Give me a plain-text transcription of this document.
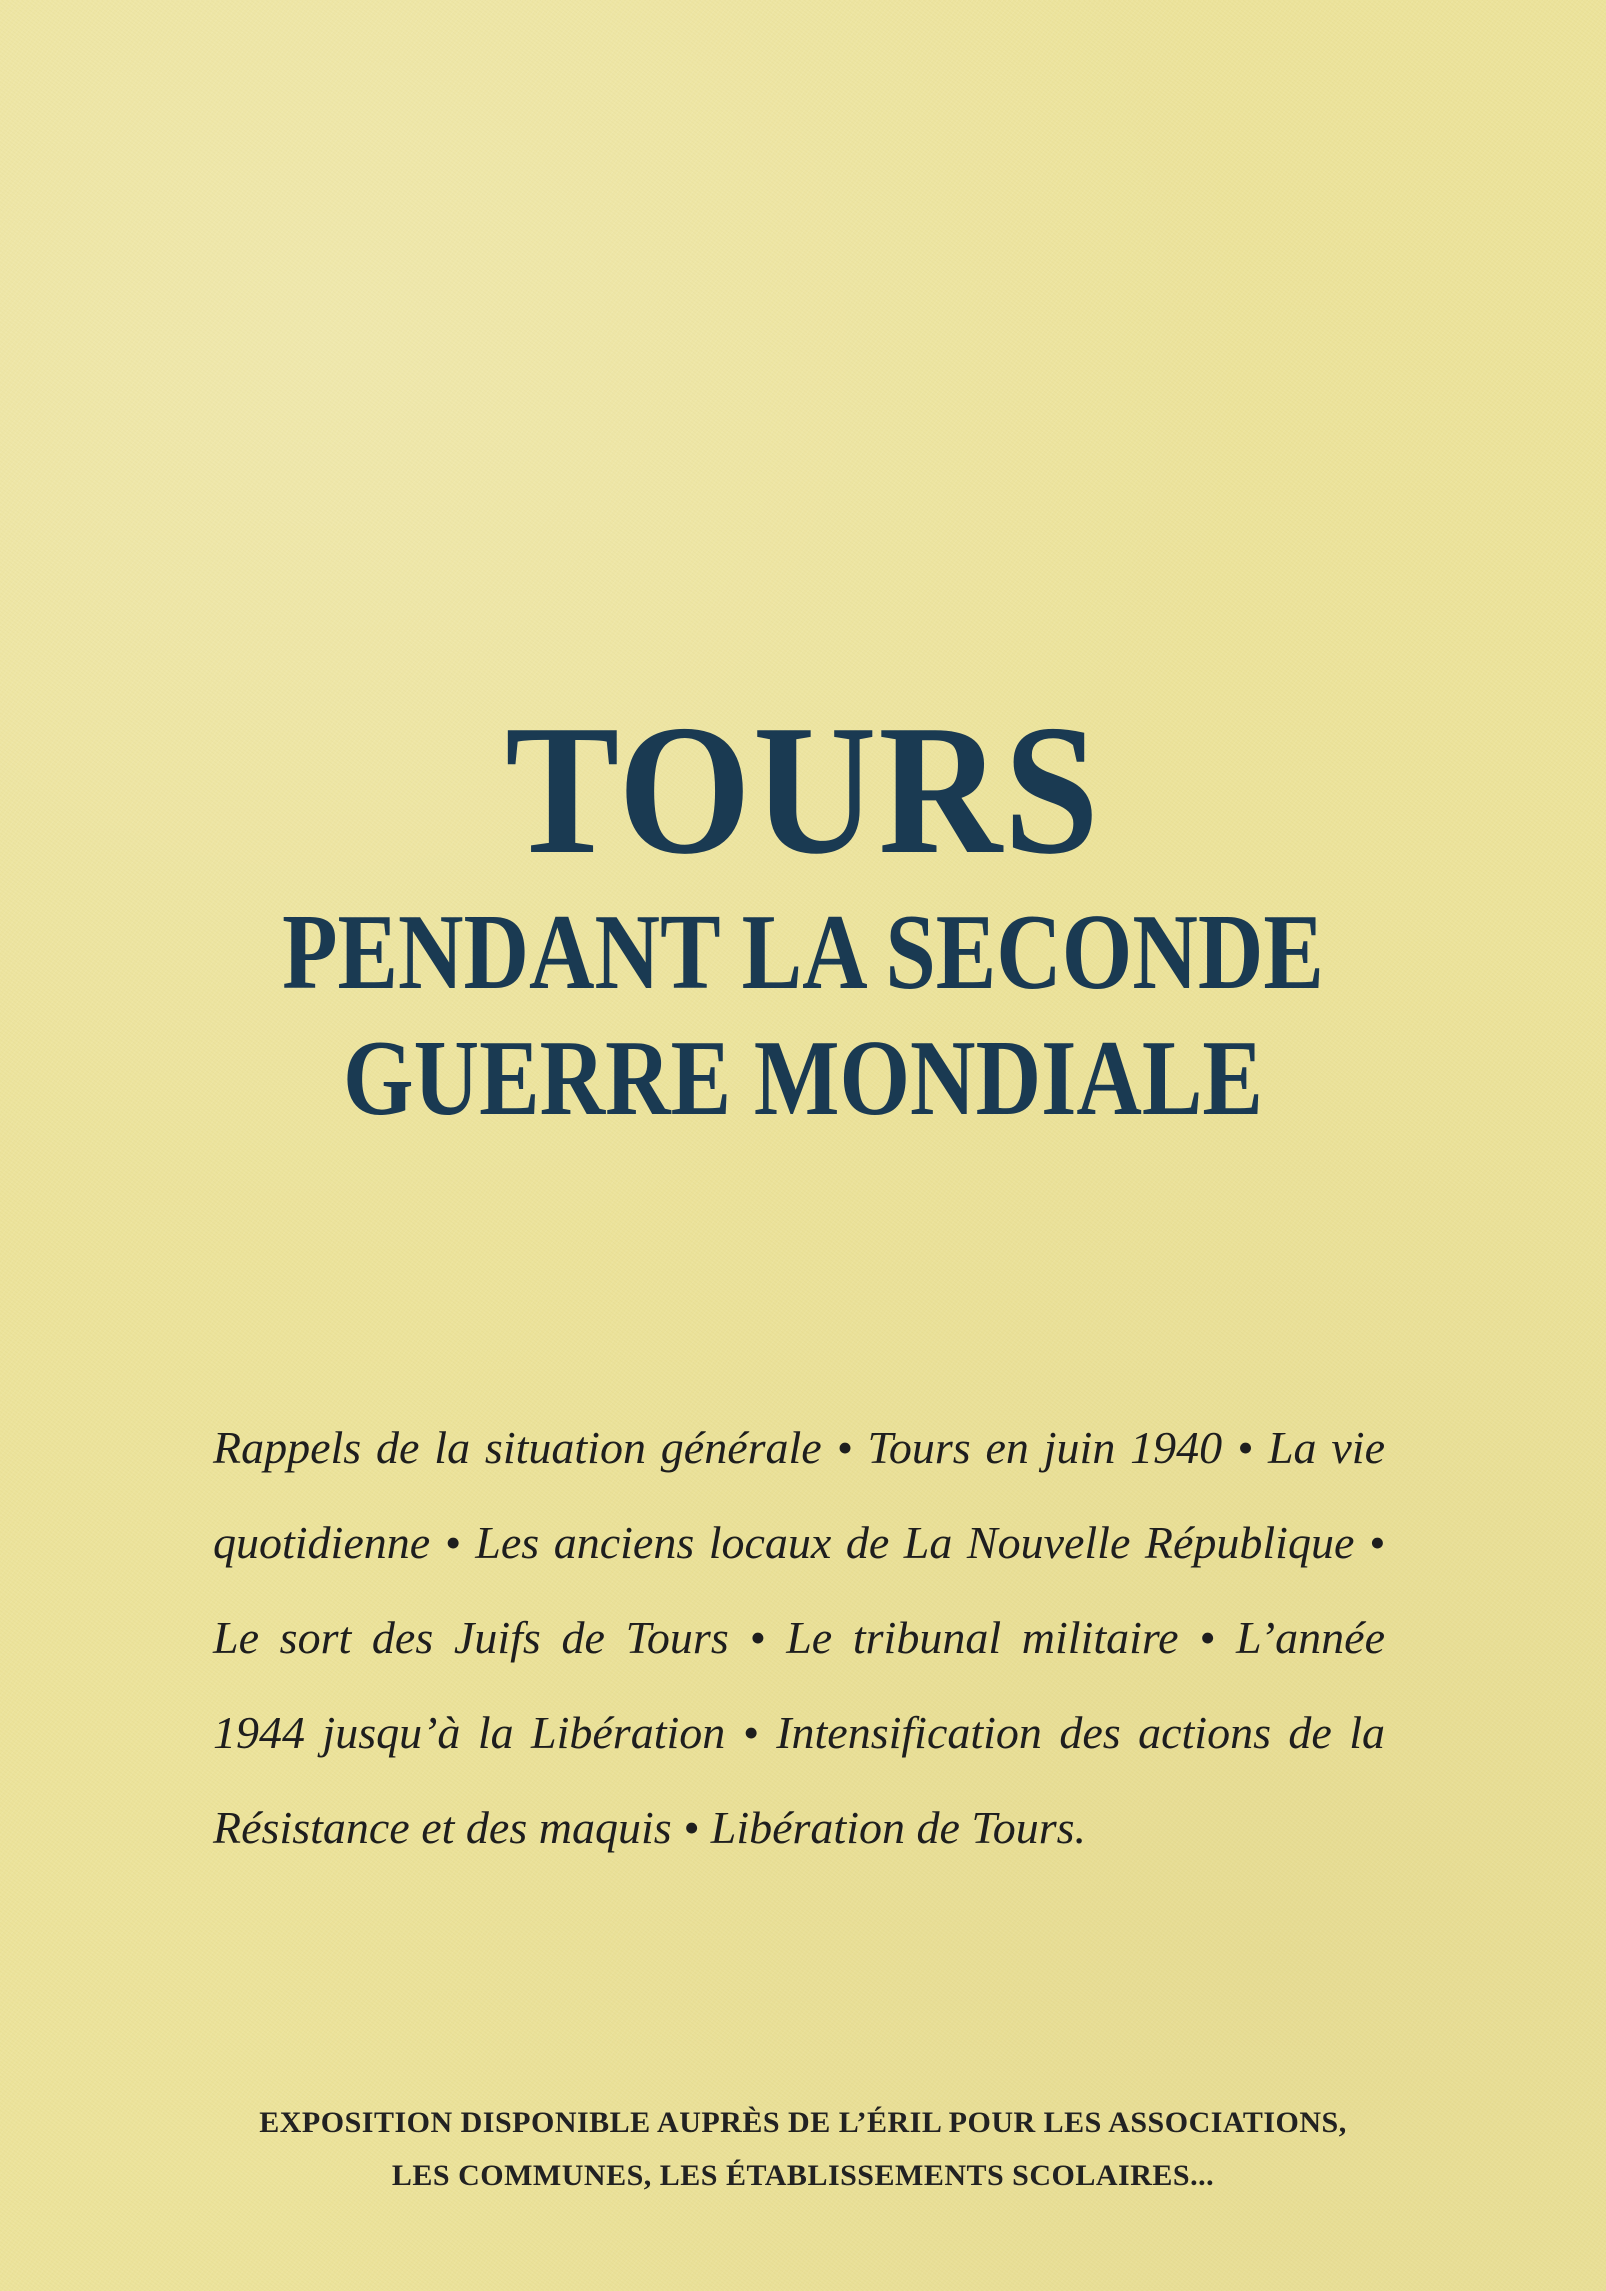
TOURS
PENDANT LA SECONDE
GUERRE MONDIALE
Rappels de la situation générale • Tours en juin 1940 • La vie quotidienne • Les anciens locaux de La Nouvelle République • Le sort des Juifs de Tours • Le tribunal militaire • L’année 1944 jusqu’à la Libération • Intensification des actions de la Résistance et des maquis • Libération de Tours.
EXPOSITION DISPONIBLE AUPRÈS DE L’ÉRIL POUR LES ASSOCIATIONS,
LES COMMUNES, LES ÉTABLISSEMENTS SCOLAIRES...
